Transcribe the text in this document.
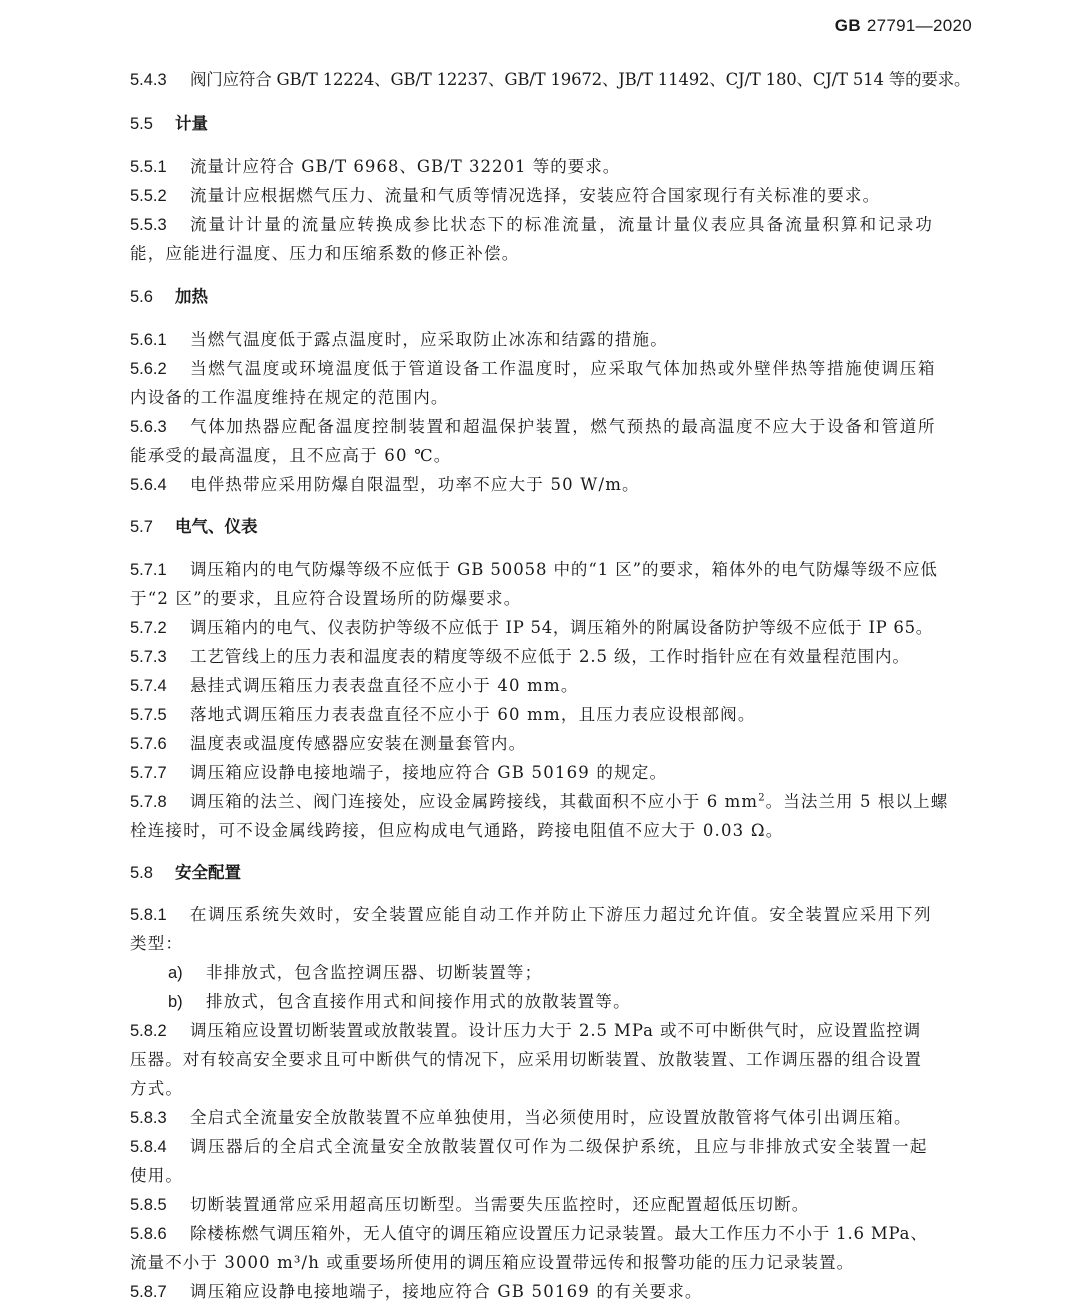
GB 27791—2020
5.4.3 阀门应符合 GB/T 12224、GB/T 12237、GB/T 19672、JB/T 11492、CJ/T 180、CJ/T 514 等的要求。
5.5 计量
5.5.1 流量计应符合 GB/T 6968、GB/T 32201 等的要求。
5.5.2 流量计应根据燃气压力、流量和气质等情况选择，安装应符合国家现行有关标准的要求。
5.5.3 流量计计量的流量应转换成参比状态下的标准流量，流量计量仪表应具备流量积算和记录功
能，应能进行温度、压力和压缩系数的修正补偿。
5.6 加热
5.6.1 当燃气温度低于露点温度时，应采取防止冰冻和结露的措施。
5.6.2 当燃气温度或环境温度低于管道设备工作温度时，应采取气体加热或外壁伴热等措施使调压箱
内设备的工作温度维持在规定的范围内。
5.6.3 气体加热器应配备温度控制装置和超温保护装置，燃气预热的最高温度不应大于设备和管道所
能承受的最高温度，且不应高于 60 ℃。
5.6.4 电伴热带应采用防爆自限温型，功率不应大于 50 W/m。
5.7 电气、仪表
5.7.1 调压箱内的电气防爆等级不应低于 GB 50058 中的“1 区”的要求，箱体外的电气防爆等级不应低
于“2 区”的要求，且应符合设置场所的防爆要求。
5.7.2 调压箱内的电气、仪表防护等级不应低于 IP 54，调压箱外的附属设备防护等级不应低于 IP 65。
5.7.3 工艺管线上的压力表和温度表的精度等级不应低于 2.5 级，工作时指针应在有效量程范围内。
5.7.4 悬挂式调压箱压力表表盘直径不应小于 40 mm。
5.7.5 落地式调压箱压力表表盘直径不应小于 60 mm，且压力表应设根部阀。
5.7.6 温度表或温度传感器应安装在测量套管内。
5.7.7 调压箱应设静电接地端子，接地应符合 GB 50169 的规定。
5.7.8 调压箱的法兰、阀门连接处，应设金属跨接线，其截面积不应小于 6 $mm^2$。当法兰用 5 根以上螺
栓连接时，可不设金属线跨接，但应构成电气通路，跨接电阻值不应大于 0.03 Ω。
5.8 安全配置
5.8.1 在调压系统失效时，安全装置应能自动工作并防止下游压力超过允许值。安全装置应采用下列
类型：
a) 非排放式，包含监控调压器、切断装置等；
b) 排放式，包含直接作用式和间接作用式的放散装置等。
5.8.2 调压箱应设置切断装置或放散装置。设计压力大于 2.5 MPa 或不可中断供气时，应设置监控调
压器。对有较高安全要求且可中断供气的情况下，应采用切断装置、放散装置、工作调压器的组合设置
方式。
5.8.3 全启式全流量安全放散装置不应单独使用，当必须使用时，应设置放散管将气体引出调压箱。
5.8.4 调压器后的全启式全流量安全放散装置仅可作为二级保护系统，且应与非排放式安全装置一起
使用。
5.8.5 切断装置通常应采用超高压切断型。当需要失压监控时，还应配置超低压切断。
5.8.6 除楼栋燃气调压箱外，无人值守的调压箱应设置压力记录装置。最大工作压力不小于 1.6 MPa、
流量不小于 3000 m³/h 或重要场所使用的调压箱应设置带远传和报警功能的压力记录装置。
5.8.7 调压箱应设静电接地端子，接地应符合 GB 50169 的有关要求。
